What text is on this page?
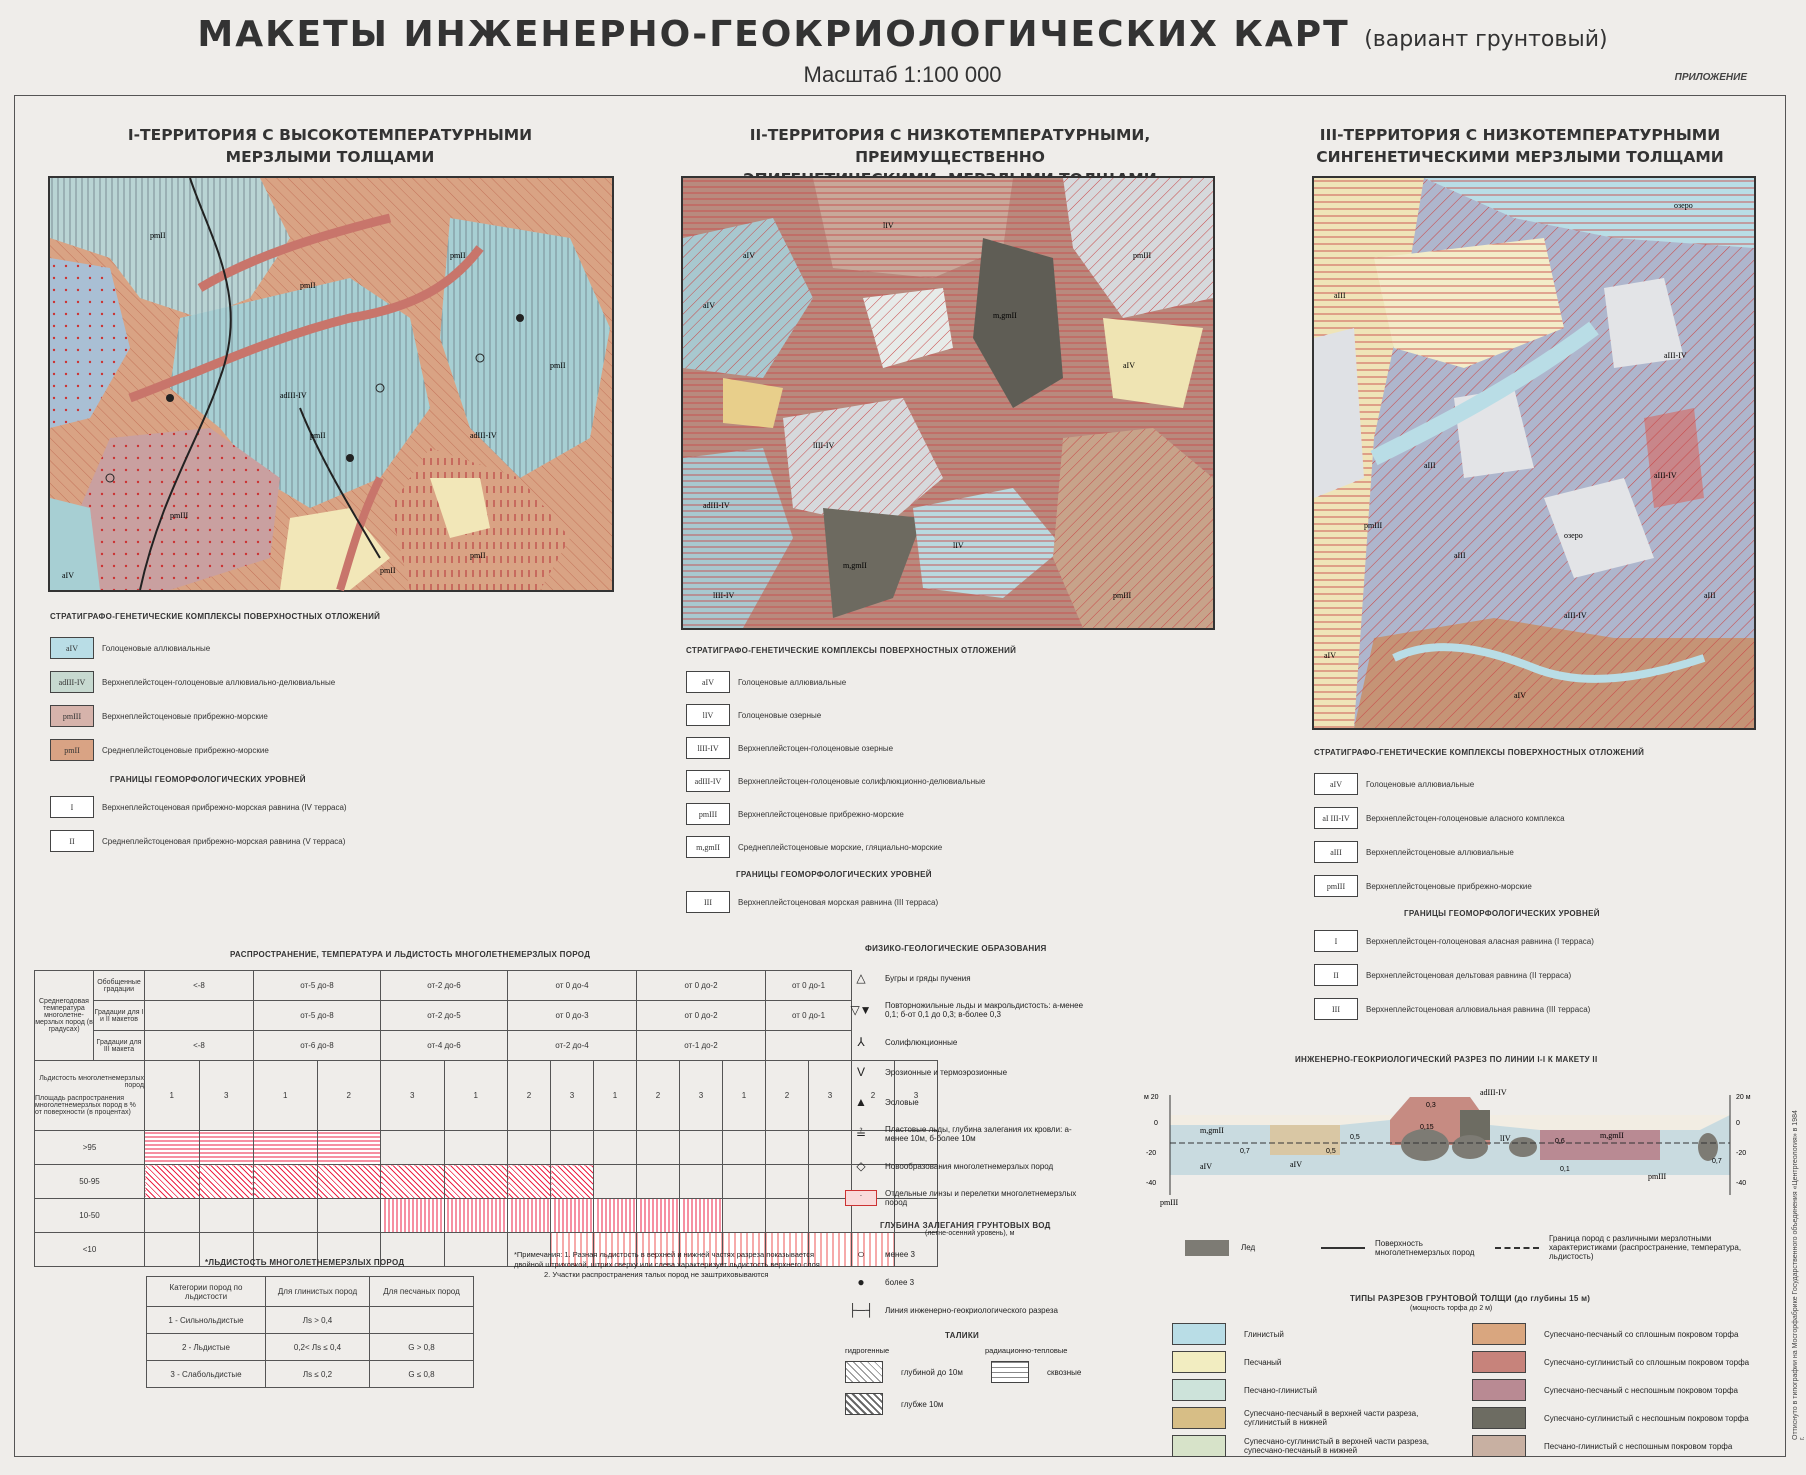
МАКЕТЫ ИНЖЕНЕРНО-ГЕОКРИОЛОГИЧЕСКИХ КАРТ (вариант грунтовый)
Масштаб 1:100 000	ПРИЛОЖЕНИЕ
I-ТЕРРИТОРИЯ С ВЫСОКОТЕМПЕРАТУРНЫМИ
МЕРЗЛЫМИ ТОЛЩАМИ
II-ТЕРРИТОРИЯ С НИЗКОТЕМПЕРАТУРНЫМИ, ПРЕИМУЩЕСТВЕННО
III-ТЕРРИТОРИЯ С НИЗКОТЕМПЕРАТУРНЫМИ
СИНГЕНЕТИЧЕСКИМИ МЕРЗЛЫМИ ТОЛЩАМИ
pmII
pmII
pmII
pmII
pmII
pmIII
aIV
adIII-IV
adIII-IV
pmII
pmII
aIV
lIV
aIV
lIII-IV
m,gmII
pmIII
adIII-IV
lIV
aIV
lIII-IV
m,gmII
pmIII
aIII
aIV
aIII-IV
aIII
aIII-IV
pmIII
aIV
aIII
aIII-IV
aIII
озеро
озеро
СТРАТИГРАФО-ГЕНЕТИЧЕСКИЕ КОМПЛЕКСЫ ПОВЕРХНОСТНЫХ ОТЛОЖЕНИЙ
aIV	Голоценовые аллювиальные
adIII-IV	Верхнеплейстоцен-голоценовые аллювиально-делювиальные
pmIII	Верхнеплейстоценовые прибрежно-морские
pmII	Среднеплейстоценовые прибрежно-морские
ГРАНИЦЫ ГЕОМОРФОЛОГИЧЕСКИХ УРОВНЕЙ
I	Верхнеплейстоценовая прибрежно-морская равнина (IV терраса)
II	Среднеплейстоценовая прибрежно-морская равнина (V терраса)
СТРАТИГРАФО-ГЕНЕТИЧЕСКИЕ КОМПЛЕКСЫ ПОВЕРХНОСТНЫХ ОТЛОЖЕНИЙ
aIV	Голоценовые аллювиальные
lIV	Голоценовые озерные
lIII-IV	Верхнеплейстоцен-голоценовые озерные
adIII-IV	Верхнеплейстоцен-голоценовые солифлюкционно-делювиальные
pmIII	Верхнеплейстоценовые прибрежно-морские
m,gmII	Среднеплейстоценовые морские, гляциально-морские
ГРАНИЦЫ ГЕОМОРФОЛОГИЧЕСКИХ УРОВНЕЙ
III	Верхнеплейстоценовая морская равнина (III терраса)
СТРАТИГРАФО-ГЕНЕТИЧЕСКИЕ КОМПЛЕКСЫ ПОВЕРХНОСТНЫХ ОТЛОЖЕНИЙ
aIV	Голоценовые аллювиальные
aI III-IV	Верхнеплейстоцен-голоценовые аласного комплекса
aIII	Верхнеплейстоценовые аллювиальные
pmIII	Верхнеплейстоценовые прибрежно-морские
ГРАНИЦЫ ГЕОМОРФОЛОГИЧЕСКИХ УРОВНЕЙ
I	Верхнеплейстоцен-голоценовая аласная равнина (I терраса)
II	Верхнеплейстоценовая дельтовая равнина (II терраса)
III	Верхнеплейстоценовая аллювиальная равнина (III терраса)
РАСПРОСТРАНЕНИЕ, ТЕМПЕРАТУРА И ЛЬДИСТОСТЬ МНОГОЛЕТНЕМЕРЗЛЫХ ПОРОД
Среднегодовая температура многолетне-мерзлых пород (в градусах)	Обобщенные градации	<-8		от-5 до-8		от-2 до-6		от 0 до-4			от 0 до-2			от 0 до-1			
	Градации для I и II макетов			от-5 до-8		от-2 до-5		от 0 до-3			от 0 до-2			от 0 до-1			
	Градации для III макета	<-8		от-6 до-8		от-4 до-6		от-2 до-4			от-1 до-2						

Льдистость многолетнемерзлых пород
Площадь распространения многолетнемерзлых пород в % от поверхности (в процентах)		1	3	1	2	3	1	2	3	1	2	3	1	2	3	2	3
>95																	
50-95																	
10-50																	
<10																	
*ЛЬДИСТОСТЬ МНОГОЛЕТНЕМЕРЗЛЫХ ПОРОД
Категории пород по льдистости	Для глинистых пород	Для песчаных пород
1 - Сильнольдистые	Лs > 0,4	
2 - Льдистые	0,2< Лs ≤ 0,4	G > 0,8
3 - Слабольдистые	Лs ≤ 0,2	G ≤ 0,8
*Примечания: 1. Разная льдистость в верхней и нижней частях разреза показывается двойной штриховкой, штрих сверху или слева характеризует льдистость верхнего слоя
2. Участки распространения талых пород не заштриховываются
ФИЗИКО-ГЕОЛОГИЧЕСКИЕ ОБРАЗОВАНИЯ
△	Бугры и гряды пучения
▽▼	Повторножильные льды и макрольдистость: а-менее 0,1; б-от 0,1 до 0,3; в-более 0,3
⅄	Солифлюкционные
V	Эрозионные и термоэрозионные
▲	Эоловые
≟	Пластовые льды, глубина залегания их кровли: а-менее 10м, б-более 10м
◇	Новообразования многолетнемерзлых пород
·	Отдельные линзы и перелетки многолетнемерзлых пород
ГЛУБИНА ЗАЛЕГАНИЯ ГРУНТОВЫХ ВОД
(летне-осенний уровень), м
○	менее 3
●	более 3
├─┤	Линия инженерно-геокриологического разреза
ТАЛИКИ
гидрогенные	радиационно-тепловые
глубиной до 10м	сквозные
глубже 10м
ИНЖЕНЕРНО-ГЕОКРИОЛОГИЧЕСКИЙ РАЗРЕЗ ПО ЛИНИИ I-I К МАКЕТУ II
м 20
0
-20
-40
20 м
0
-20
-40
aIV
adIII-IV
lIV	m,gmII
pmIII
aIV
m,gmII
pmIII
0,3
0,15
0,5
0,7	0,5
0,6
0,1
0,7
Лед	Поверхность многолетнемерзлых пород
Граница пород с различными мерзлотными характеристиками (распространение, температура, льдистость)
ТИПЫ РАЗРЕЗОВ ГРУНТОВОЙ ТОЛЩИ (до глубины 15 м)
(мощность торфа до 2 м)
Глинистый
Песчаный
Песчано-глинистый
Супесчано-песчаный в верхней части разреза, суглинистый в нижней
Супесчано-суглинистый в верхней части разреза, супесчано-песчаный в нижней
Супесчано-песчаный со сплошным покровом торфа
Супесчано-суглинистый со сплошным покровом торфа
Супесчано-песчаный с неспошным покровом торфа
Супесчано-суглинистый с неспошным покровом торфа
Песчано-глинистый с неспошным покровом торфа
Оттиснуто в типографии на Мосгорфабрике Государственного объединения «Центргеология» в 1984 г.
